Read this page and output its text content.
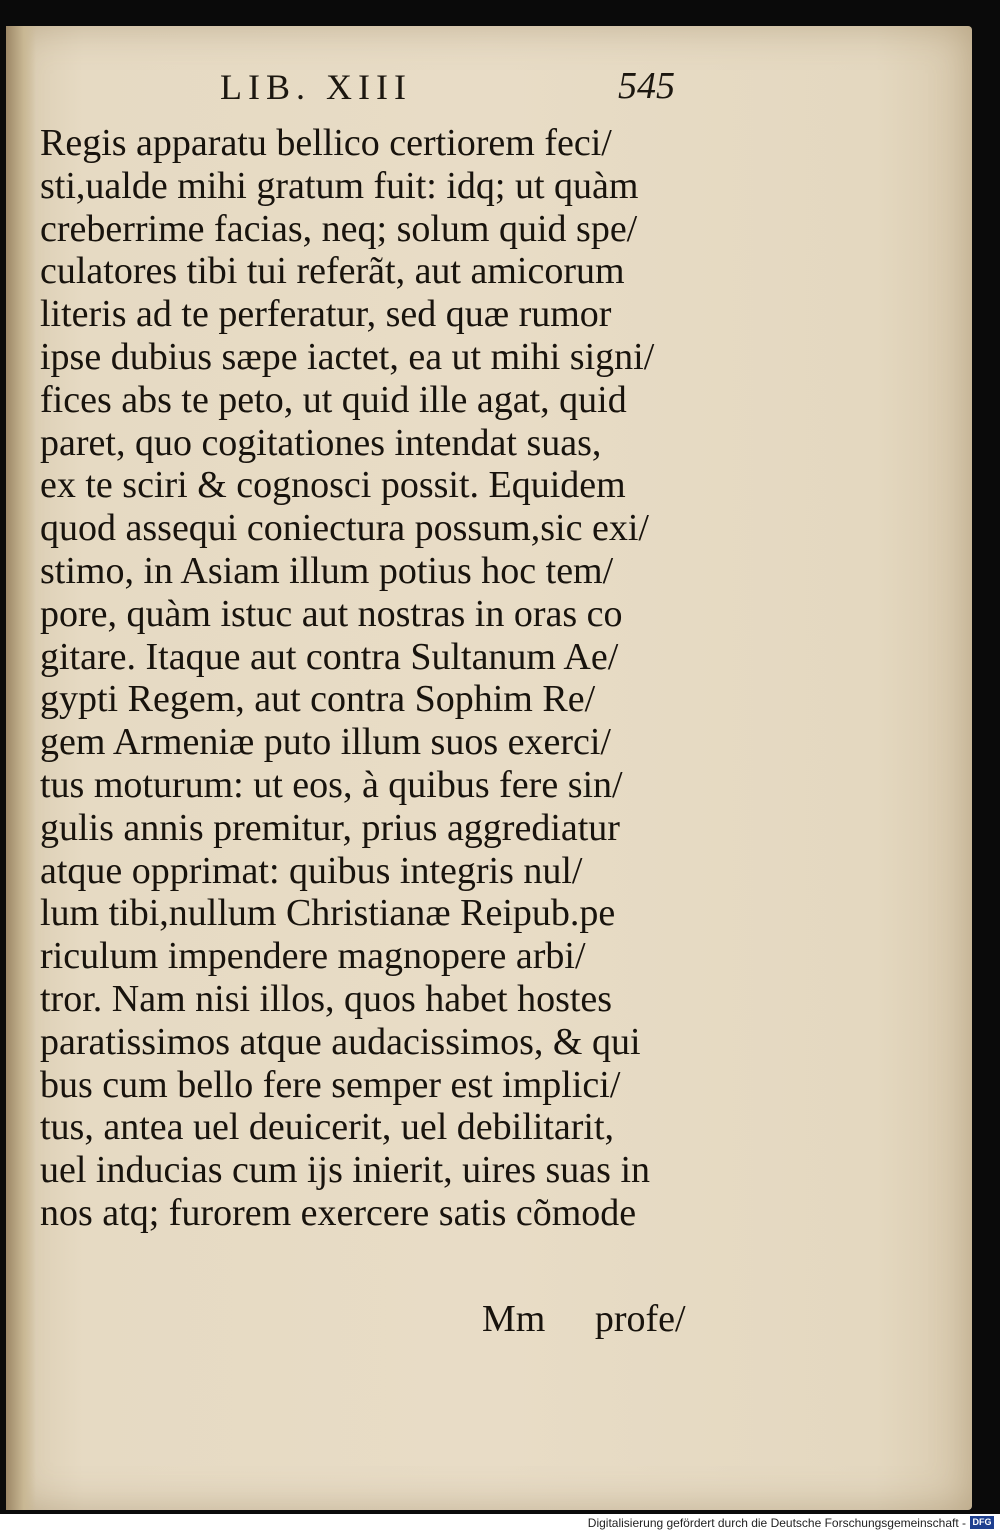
LIB. XIII	545
Regis apparatu bellico certiorem feci/
sti,ualde mihi gratum fuit: idq; ut quàm
creberrime facias, neq; solum quid spe/
culatores tibi tui referãt, aut amicorum
literis ad te perferatur, sed quæ rumor
ipse dubius sæpe iactet, ea ut mihi signi/
fices abs te peto, ut quid ille agat, quid
paret, quo cogitationes intendat suas,
ex te sciri & cognosci possit. Equidem
quod assequi coniectura possum,sic exi/
stimo, in Asiam illum potius hoc tem/
pore, quàm istuc aut nostras in oras co
gitare. Itaque aut contra Sultanum Ae/
gypti Regem, aut contra Sophim Re/
gem Armeniæ puto illum suos exerci/
tus moturum: ut eos, à quibus fere sin/
gulis annis premitur, prius aggrediatur
atque opprimat: quibus integris nul/
lum tibi,nullum Christianæ Reipub.pe
riculum impendere magnopere arbi/
tror. Nam nisi illos, quos habet hostes
paratissimos atque audacissimos, & qui
bus cum bello fere semper est implici/
tus, antea uel deuicerit, uel debilitarit,
uel inducias cum ijs inierit, uires suas in
nos atq; furorem exercere satis cõmode
Mm profe/
Digitalisierung gefördert durch die Deutsche Forschungsgemeinschaft - DFG
